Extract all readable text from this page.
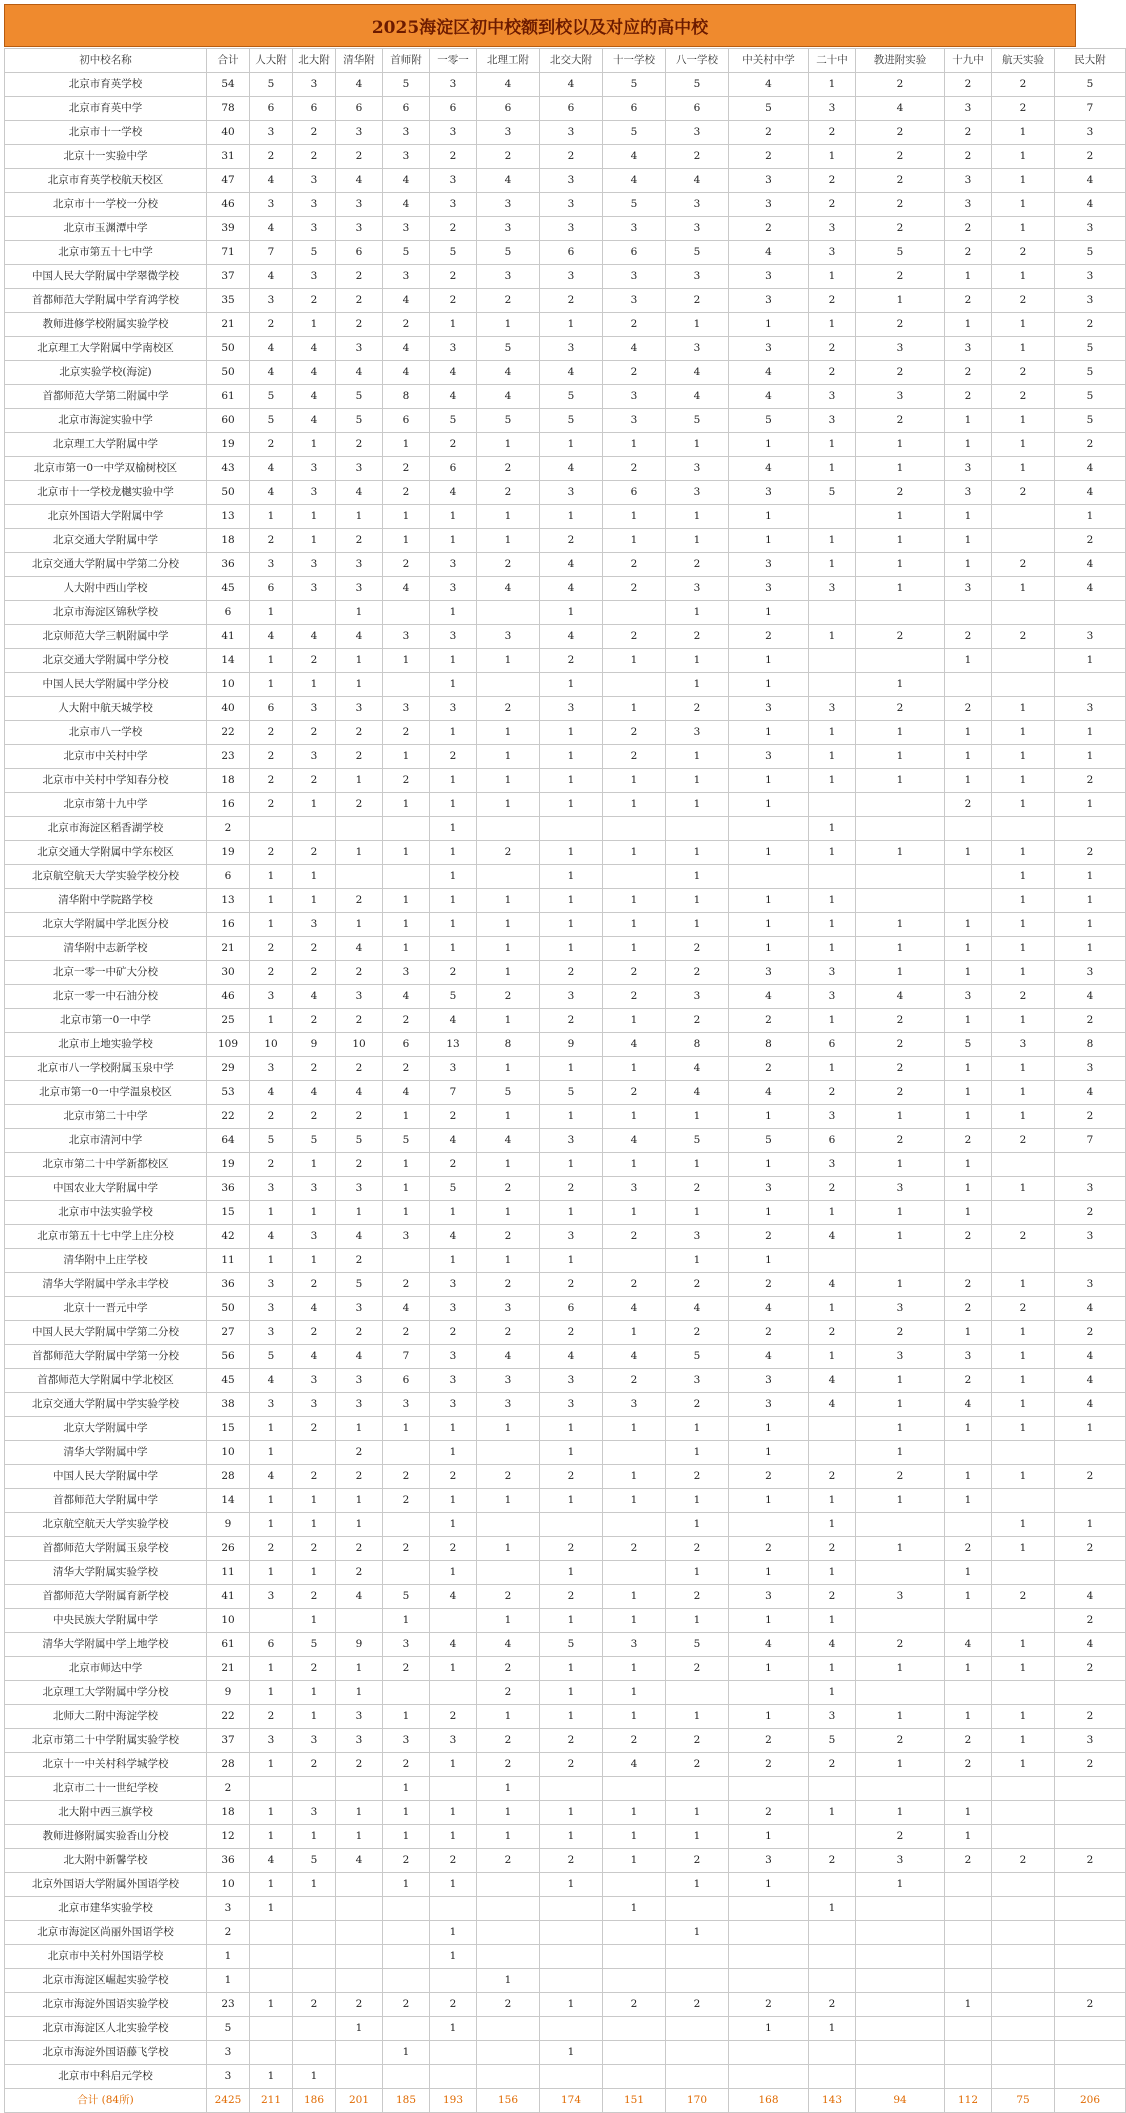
2025海淀区初中校额到校以及对应的高中校
初中校名称	合计	人大附	北大附	清华附	首师附	一零一	北理工附	北交大附	十一学校	八一学校	中关村中学	二十中	教进附实验	十九中	航天实验	民大附
北京市育英学校	54	5	3	4	5	3	4	4	5	5	4	1	2	2	2	5
北京市育英中学	78	6	6	6	6	6	6	6	6	6	5	3	4	3	2	7
北京市十一学校	40	3	2	3	3	3	3	3	5	3	2	2	2	2	1	3
北京十一实验中学	31	2	2	2	3	2	2	2	4	2	2	1	2	2	1	2
北京市育英学校航天校区	47	4	3	4	4	3	4	3	4	4	3	2	2	3	1	4
北京市十一学校一分校	46	3	3	3	4	3	3	3	5	3	3	2	2	3	1	4
北京市玉渊潭中学	39	4	3	3	3	2	3	3	3	3	2	3	2	2	1	3
北京市第五十七中学	71	7	5	6	5	5	5	6	6	5	4	3	5	2	2	5
中国人民大学附属中学翠微学校	37	4	3	2	3	2	3	3	3	3	3	1	2	1	1	3
首都师范大学附属中学育鸿学校	35	3	2	2	4	2	2	2	3	2	3	2	1	2	2	3
教师进修学校附属实验学校	21	2	1	2	2	1	1	1	2	1	1	1	2	1	1	2
北京理工大学附属中学南校区	50	4	4	3	4	3	5	3	4	3	3	2	3	3	1	5
北京实验学校(海淀)	50	4	4	4	4	4	4	4	2	4	4	2	2	2	2	5
首都师范大学第二附属中学	61	5	4	5	8	4	4	5	3	4	4	3	3	2	2	5
北京市海淀实验中学	60	5	4	5	6	5	5	5	3	5	5	3	2	1	1	5
北京理工大学附属中学	19	2	1	2	1	2	1	1	1	1	1	1	1	1	1	2
北京市第一0一中学双榆树校区	43	4	3	3	2	6	2	4	2	3	4	1	1	3	1	4
北京市十一学校龙樾实验中学	50	4	3	4	2	4	2	3	6	3	3	5	2	3	2	4
北京外国语大学附属中学	13	1	1	1	1	1	1	1	1	1	1		1	1		1
北京交通大学附属中学	18	2	1	2	1	1	1	2	1	1	1	1	1	1		2
北京交通大学附属中学第二分校	36	3	3	3	2	3	2	4	2	2	3	1	1	1	2	4
人大附中西山学校	45	6	3	3	4	3	4	4	2	3	3	3	1	3	1	4
北京市海淀区锦秋学校	6	1		1		1		1		1	1					
北京师范大学三帆附属中学	41	4	4	4	3	3	3	4	2	2	2	1	2	2	2	3
北京交通大学附属中学分校	14	1	2	1	1	1	1	2	1	1	1			1		1
中国人民大学附属中学分校	10	1	1	1		1		1		1	1		1			
人大附中航天城学校	40	6	3	3	3	3	2	3	1	2	3	3	2	2	1	3
北京市八一学校	22	2	2	2	2	1	1	1	2	3	1	1	1	1	1	1
北京市中关村中学	23	2	3	2	1	2	1	1	2	1	3	1	1	1	1	1
北京市中关村中学知春分校	18	2	2	1	2	1	1	1	1	1	1	1	1	1	1	2
北京市第十九中学	16	2	1	2	1	1	1	1	1	1	1			2	1	1
北京市海淀区稻香湖学校	2					1						1				
北京交通大学附属中学东校区	19	2	2	1	1	1	2	1	1	1	1	1	1	1	1	2
北京航空航天大学实验学校分校	6	1	1			1		1		1					1	1
清华附中学院路学校	13	1	1	2	1	1	1	1	1	1	1	1			1	1
北京大学附属中学北医分校	16	1	3	1	1	1	1	1	1	1	1	1	1	1	1	1
清华附中志新学校	21	2	2	4	1	1	1	1	1	2	1	1	1	1	1	1
北京一零一中矿大分校	30	2	2	2	3	2	1	2	2	2	3	3	1	1	1	3
北京一零一中石油分校	46	3	4	3	4	5	2	3	2	3	4	3	4	3	2	4
北京市第一0一中学	25	1	2	2	2	4	1	2	1	2	2	1	2	1	1	2
北京市上地实验学校	109	10	9	10	6	13	8	9	4	8	8	6	2	5	3	8
北京市八一学校附属玉泉中学	29	3	2	2	2	3	1	1	1	4	2	1	2	1	1	3
北京市第一0一中学温泉校区	53	4	4	4	4	7	5	5	2	4	4	2	2	1	1	4
北京市第二十中学	22	2	2	2	1	2	1	1	1	1	1	3	1	1	1	2
北京市清河中学	64	5	5	5	5	4	4	3	4	5	5	6	2	2	2	7
北京市第二十中学新都校区	19	2	1	2	1	2	1	1	1	1	1	3	1	1		
中国农业大学附属中学	36	3	3	3	1	5	2	2	3	2	3	2	3	1	1	3
北京市中法实验学校	15	1	1	1	1	1	1	1	1	1	1	1	1	1		2
北京市第五十七中学上庄分校	42	4	3	4	3	4	2	3	2	3	2	4	1	2	2	3
清华附中上庄学校	11	1	1	2		1	1	1		1	1					
清华大学附属中学永丰学校	36	3	2	5	2	3	2	2	2	2	2	4	1	2	1	3
北京十一晋元中学	50	3	4	3	4	3	3	6	4	4	4	1	3	2	2	4
中国人民大学附属中学第二分校	27	3	2	2	2	2	2	2	1	2	2	2	2	1	1	2
首都师范大学附属中学第一分校	56	5	4	4	7	3	4	4	4	5	4	1	3	3	1	4
首都师范大学附属中学北校区	45	4	3	3	6	3	3	3	2	3	3	4	1	2	1	4
北京交通大学附属中学实验学校	38	3	3	3	3	3	3	3	3	2	3	4	1	4	1	4
北京大学附属中学	15	1	2	1	1	1	1	1	1	1	1		1	1	1	1
清华大学附属中学	10	1		2		1		1		1	1		1			
中国人民大学附属中学	28	4	2	2	2	2	2	2	1	2	2	2	2	1	1	2
首都师范大学附属中学	14	1	1	1	2	1	1	1	1	1	1	1	1	1		
北京航空航天大学实验学校	9	1	1	1		1				1		1			1	1
首都师范大学附属玉泉学校	26	2	2	2	2	2	1	2	2	2	2	2	1	2	1	2
清华大学附属实验学校	11	1	1	2		1		1		1	1	1		1		
首都师范大学附属育新学校	41	3	2	4	5	4	2	2	1	2	3	2	3	1	2	4
中央民族大学附属中学	10		1		1		1	1	1	1	1	1				2
清华大学附属中学上地学校	61	6	5	9	3	4	4	5	3	5	4	4	2	4	1	4
北京市师达中学	21	1	2	1	2	1	2	1	1	2	1	1	1	1	1	2
北京理工大学附属中学分校	9	1	1	1			2	1	1			1				
北师大二附中海淀学校	22	2	1	3	1	2	1	1	1	1	1	3	1	1	1	2
北京市第二十中学附属实验学校	37	3	3	3	3	3	2	2	2	2	2	5	2	2	1	3
北京十一中关村科学城学校	28	1	2	2	2	1	2	2	4	2	2	2	1	2	1	2
北京市二十一世纪学校	2				1		1									
北大附中西三旗学校	18	1	3	1	1	1	1	1	1	1	2	1	1	1		
教师进修附属实验香山分校	12	1	1	1	1	1	1	1	1	1	1		2	1		
北大附中新馨学校	36	4	5	4	2	2	2	2	1	2	3	2	3	2	2	2
北京外国语大学附属外国语学校	10	1	1		1	1		1		1	1		1			
北京市建华实验学校	3	1							1			1				
北京市海淀区尚丽外国语学校	2					1				1						
北京市中关村外国语学校	1					1										
北京市海淀区崛起实验学校	1						1									
北京市海淀外国语实验学校	23	1	2	2	2	2	2	1	2	2	2	2		1		2
北京市海淀区人北实验学校	5			1		1					1	1				
北京市海淀外国语藤飞学校	3				1			1								
北京市中科启元学校	3	1	1													
合计 (84所)	2425	211	186	201	185	193	156	174	151	170	168	143	94	112	75	206
